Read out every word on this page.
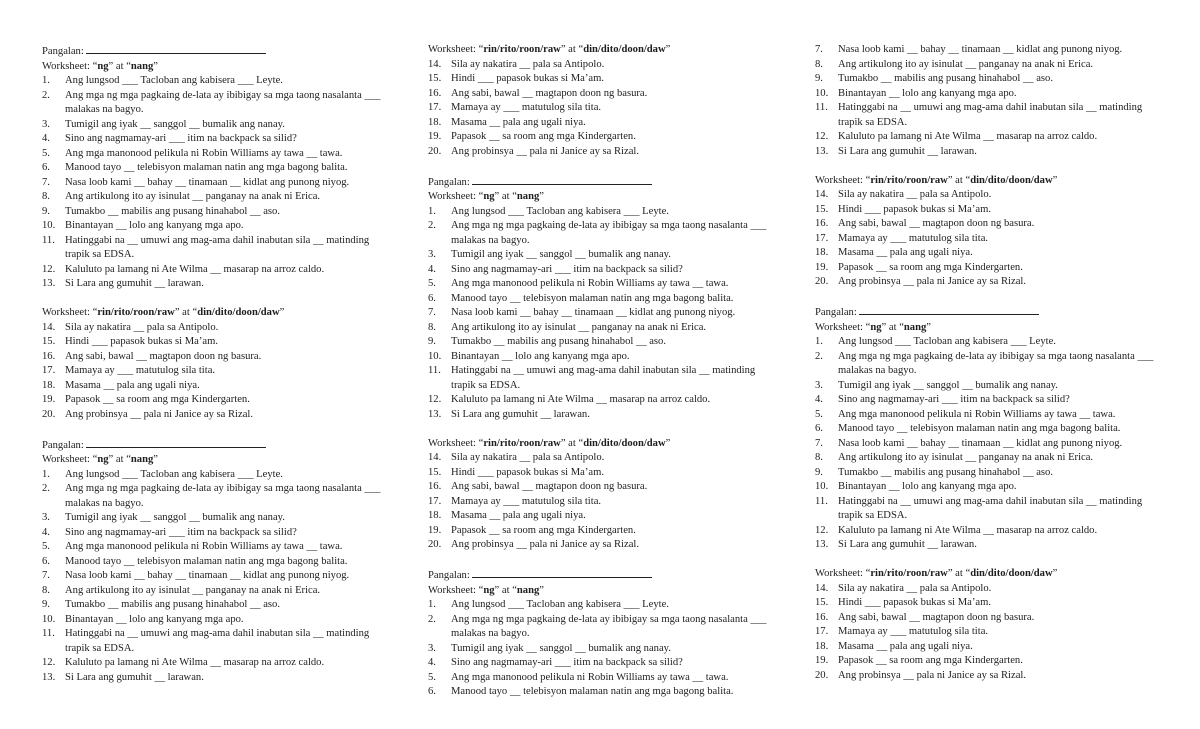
Pangalan:

Worksheet: “ng” at “nang”

1.	Ang lungsod ___ Tacloban ang kabisera ___ Leyte.
2.	Ang mga ng mga pagkaing de-lata ay ibibigay sa mga taong nasalanta ___ malakas na bagyo.
3.	Tumigil ang iyak __ sanggol __ bumalik ang nanay.
4.	Sino ang nagmamay-ari ___ itim na backpack sa silid?
5.	Ang mga manonood pelikula ni Robin Williams ay tawa __ tawa.
6.	Manood tayo __ telebisyon malaman natin ang mga bagong balita.
7.	Nasa loob kami __ bahay __ tinamaan __ kidlat ang punong niyog.
8.	Ang artikulong ito ay isinulat __ panganay na anak ni Erica.
9.	Tumakbo __ mabilis ang pusang hinahabol __ aso.
10. Binantayan __ lolo ang kanyang mga apo.
11. Hatinggabi na __ umuwi ang mag-ama dahil inabutan sila __ matinding trapik sa EDSA.
12. Kaluluto pa lamang ni Ate Wilma __ masarap na arroz caldo.
13. Si Lara ang gumuhit __ larawan.

Worksheet: “rin/rito/roon/raw” at “din/dito/doon/daw”

14. Sila ay nakatira __ pala sa Antipolo.
15. Hindi ___ papasok bukas si Ma’am.
16. Ang sabi, bawal __ magtapon doon ng basura.
17. Mamaya ay ___ matutulog sila tita.
18. Masama __ pala ang ugali niya.
19. Papasok __ sa room ang mga Kindergarten.
20. Ang probinsya __ pala ni Janice ay sa Rizal.

Pangalan:

Worksheet: “ng” at “nang”

1.	Ang lungsod ___ Tacloban ang kabisera ___ Leyte.
2.	Ang mga ng mga pagkaing de-lata ay ibibigay sa mga taong nasalanta ___ malakas na bagyo.
3.	Tumigil ang iyak __ sanggol __ bumalik ang nanay.
4.	Sino ang nagmamay-ari ___ itim na backpack sa silid?
5.	Ang mga manonood pelikula ni Robin Williams ay tawa __ tawa.
6.	Manood tayo __ telebisyon malaman natin ang mga bagong balita.
7.	Nasa loob kami __ bahay __ tinamaan __ kidlat ang punong niyog.
8.	Ang artikulong ito ay isinulat __ panganay na anak ni Erica.
9.	Tumakbo __ mabilis ang pusang hinahabol __ aso.
10. Binantayan __ lolo ang kanyang mga apo.
11. Hatinggabi na __ umuwi ang mag-ama dahil inabutan sila __ matinding trapik sa EDSA.
12. Kaluluto pa lamang ni Ate Wilma __ masarap na arroz caldo.
13. Si Lara ang gumuhit __ larawan.

Worksheet: “rin/rito/roon/raw” at “din/dito/doon/daw”

14. Sila ay nakatira __ pala sa Antipolo.
15. Hindi ___ papasok bukas si Ma’am.
16. Ang sabi, bawal __ magtapon doon ng basura.
17. Mamaya ay ___ matutulog sila tita.
18. Masama __ pala ang ugali niya.
19. Papasok __ sa room ang mga Kindergarten.
20. Ang probinsya __ pala ni Janice ay sa Rizal.

Pangalan:

Worksheet: “ng” at “nang”

1.	Ang lungsod ___ Tacloban ang kabisera ___ Leyte.
2.	Ang mga ng mga pagkaing de-lata ay ibibigay sa mga taong nasalanta ___ malakas na bagyo.
3.	Tumigil ang iyak __ sanggol __ bumalik ang nanay.
4.	Sino ang nagmamay-ari ___ itim na backpack sa silid?
5.	Ang mga manonood pelikula ni Robin Williams ay tawa __ tawa.
6.	Manood tayo __ telebisyon malaman natin ang mga bagong balita.
7.	Nasa loob kami __ bahay __ tinamaan __ kidlat ang punong niyog.
8.	Ang artikulong ito ay isinulat __ panganay na anak ni Erica.
9.	Tumakbo __ mabilis ang pusang hinahabol __ aso.
10. Binantayan __ lolo ang kanyang mga apo.
11. Hatinggabi na __ umuwi ang mag-ama dahil inabutan sila __ matinding trapik sa EDSA.
12. Kaluluto pa lamang ni Ate Wilma __ masarap na arroz caldo.
13. Si Lara ang gumuhit __ larawan.

Worksheet: “rin/rito/roon/raw” at “din/dito/doon/daw”

14. Sila ay nakatira __ pala sa Antipolo.
15. Hindi ___ papasok bukas si Ma’am.
16. Ang sabi, bawal __ magtapon doon ng basura.
17. Mamaya ay ___ matutulog sila tita.
18. Masama __ pala ang ugali niya.
19. Papasok __ sa room ang mga Kindergarten.
20. Ang probinsya __ pala ni Janice ay sa Rizal.

Pangalan:

Worksheet: “ng” at “nang”

1.	Ang lungsod ___ Tacloban ang kabisera ___ Leyte.
2.	Ang mga ng mga pagkaing de-lata ay ibibigay sa mga taong nasalanta ___ malakas na bagyo.
3.	Tumigil ang iyak __ sanggol __ bumalik ang nanay.
4.	Sino ang nagmamay-ari ___ itim na backpack sa silid?
5.	Ang mga manonood pelikula ni Robin Williams ay tawa __ tawa.
6.	Manood tayo __ telebisyon malaman natin ang mga bagong balita.
7.	Nasa loob kami __ bahay __ tinamaan __ kidlat ang punong niyog.
8.	Ang artikulong ito ay isinulat __ panganay na anak ni Erica.
9.	Tumakbo __ mabilis ang pusang hinahabol __ aso.
10. Binantayan __ lolo ang kanyang mga apo.
11. Hatinggabi na __ umuwi ang mag-ama dahil inabutan sila __ matinding trapik sa EDSA.
12. Kaluluto pa lamang ni Ate Wilma __ masarap na arroz caldo.
13. Si Lara ang gumuhit __ larawan.

Worksheet: “rin/rito/roon/raw” at “din/dito/doon/daw”

14. Sila ay nakatira __ pala sa Antipolo.
15. Hindi ___ papasok bukas si Ma’am.
16. Ang sabi, bawal __ magtapon doon ng basura.
17. Mamaya ay ___ matutulog sila tita.
18. Masama __ pala ang ugali niya.
19. Papasok __ sa room ang mga Kindergarten.
20. Ang probinsya __ pala ni Janice ay sa Rizal.

Pangalan:

Worksheet: “ng” at “nang”

1.	Ang lungsod ___ Tacloban ang kabisera ___ Leyte.
2.	Ang mga ng mga pagkaing de-lata ay ibibigay sa mga taong nasalanta ___ malakas na bagyo.
3.	Tumigil ang iyak __ sanggol __ bumalik ang nanay.
4.	Sino ang nagmamay-ari ___ itim na backpack sa silid?
5.	Ang mga manonood pelikula ni Robin Williams ay tawa __ tawa.
6.	Manood tayo __ telebisyon malaman natin ang mga bagong balita.
7.	Nasa loob kami __ bahay __ tinamaan __ kidlat ang punong niyog.
8.	Ang artikulong ito ay isinulat __ panganay na anak ni Erica.
9.	Tumakbo __ mabilis ang pusang hinahabol __ aso.
10. Binantayan __ lolo ang kanyang mga apo.
11. Hatinggabi na __ umuwi ang mag-ama dahil inabutan sila __ matinding trapik sa EDSA.
12. Kaluluto pa lamang ni Ate Wilma __ masarap na arroz caldo.
13. Si Lara ang gumuhit __ larawan.

Worksheet: “rin/rito/roon/raw” at “din/dito/doon/daw”

14. Sila ay nakatira __ pala sa Antipolo.
15. Hindi ___ papasok bukas si Ma’am.
16. Ang sabi, bawal __ magtapon doon ng basura.
17. Mamaya ay ___ matutulog sila tita.
18. Masama __ pala ang ugali niya.
19. Papasok __ sa room ang mga Kindergarten.
20. Ang probinsya __ pala ni Janice ay sa Rizal.
